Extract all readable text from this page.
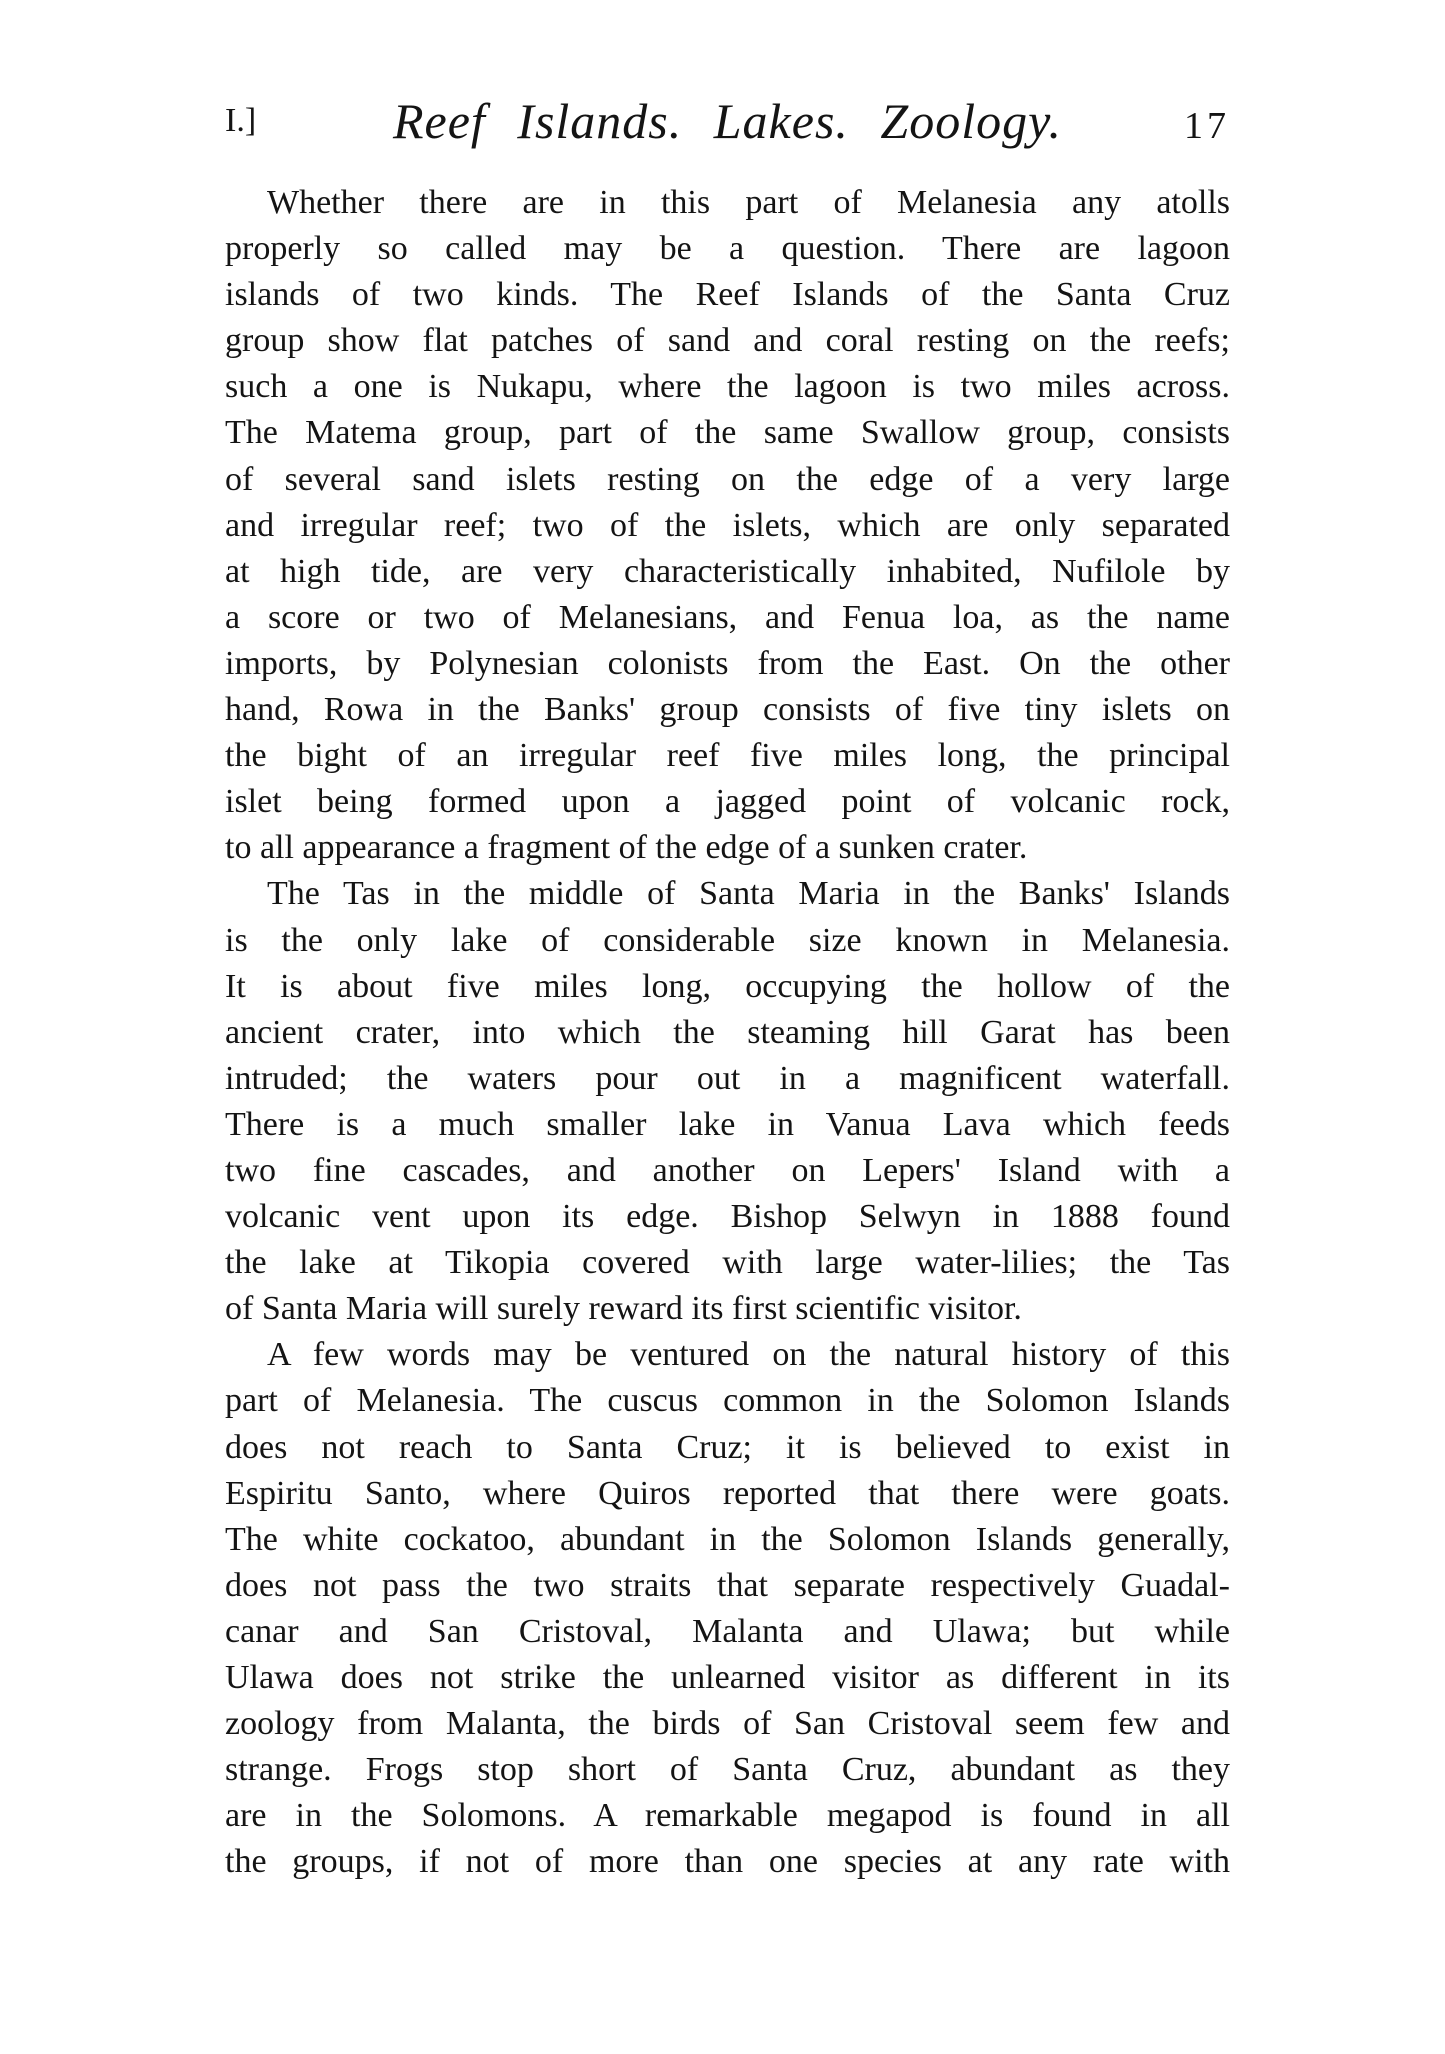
I.]	Reef Islands. Lakes. Zoology.	17
Whether there are in this part of Melanesia any atolls
properly so called may be a question. There are lagoon
islands of two kinds. The Reef Islands of the Santa Cruz
group show flat patches of sand and coral resting on the reefs;
such a one is Nukapu, where the lagoon is two miles across.
The Matema group, part of the same Swallow group, consists
of several sand islets resting on the edge of a very large
and irregular reef; two of the islets, which are only separated
at high tide, are very characteristically inhabited, Nufilole by
a score or two of Melanesians, and Fenua loa, as the name
imports, by Polynesian colonists from the East. On the other
hand, Rowa in the Banks' group consists of five tiny islets on
the bight of an irregular reef five miles long, the principal
islet being formed upon a jagged point of volcanic rock,
to all appearance a fragment of the edge of a sunken crater.
The Tas in the middle of Santa Maria in the Banks' Islands
is the only lake of considerable size known in Melanesia.
It is about five miles long, occupying the hollow of the
ancient crater, into which the steaming hill Garat has been
intruded; the waters pour out in a magnificent waterfall.
There is a much smaller lake in Vanua Lava which feeds
two fine cascades, and another on Lepers' Island with a
volcanic vent upon its edge. Bishop Selwyn in 1888 found
the lake at Tikopia covered with large water-lilies; the Tas
of Santa Maria will surely reward its first scientific visitor.
A few words may be ventured on the natural history of this
part of Melanesia. The cuscus common in the Solomon Islands
does not reach to Santa Cruz; it is believed to exist in
Espiritu Santo, where Quiros reported that there were goats.
The white cockatoo, abundant in the Solomon Islands generally,
does not pass the two straits that separate respectively Guadal-
canar and San Cristoval, Malanta and Ulawa; but while
Ulawa does not strike the unlearned visitor as different in its
zoology from Malanta, the birds of San Cristoval seem few and
strange. Frogs stop short of Santa Cruz, abundant as they
are in the Solomons. A remarkable megapod is found in all
the groups, if not of more than one species at any rate with
